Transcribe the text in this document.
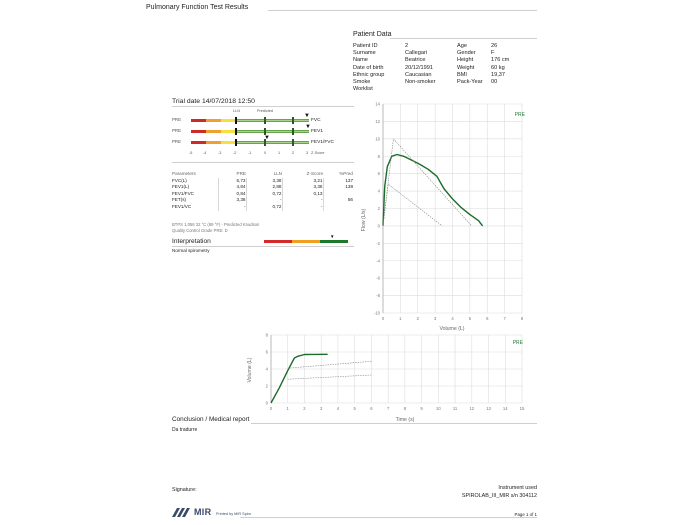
Pulmonary Function Test Results
Patient Data
Patient ID	2	Age	26
Surname	Callegari	Gender	F
Name	Beatrice	Height	176 cm
Date of birth	20/12/1991	Weight	60 kg
Ethnic group	Caucasian	BMI	19,37
Smoke	Non-smoker	Pack-Year	00
Worklist			
Trial date 14/07/2018 12:50
LLN	Predicted
PRE
▼
FVC
PRE
▼
FEV1
PRE
▼
FEV1/FVC
-5	-4	-3	-2	-1	0	1	2	3 Z-Score
Parameters	PRE	LLN	Z-Score	%Pred
FVC(L)	5,73	3,38	3,21	137
FEV1(L)	4,84	2,88	3,36	138
FEV1/FVC	0,84	0,72	0,13	
FET(s)	3,38	-	-	56
FEV1/VC	-	0,72	-	
BTPS 1,058 32 °C (89 °F) - Predicted Knudson
Quality Control Grade PRE: D
Interpretation
▼
Normal spirometry
0	1	2	3	4	5	6	7	8
14
12
10
8
6
4
2
0
-2
-4
-6
-8
-10
PRE
Volume (L)
Flow (L/s)
0	1	2	3	4	5	6	7	8	9	10	11	12	13	14	15
8
6
4
2
0
PRE
Time (s)
Volume (L)
Conclusion / Medical report
Da tradurre
Signature:	Instrument used
SPIROLAB_III_MIR s/n 304112
MIR Printed by MIR Spiro	Page 1 of 1
